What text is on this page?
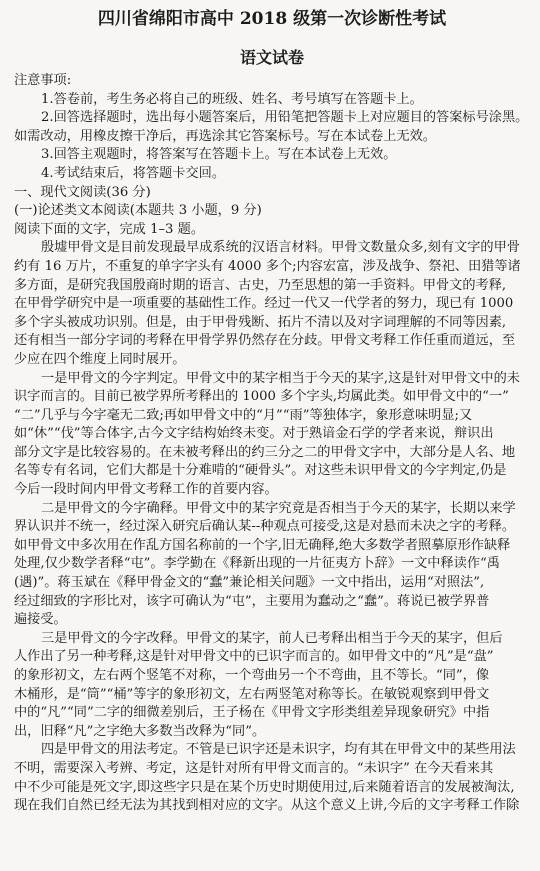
四川省绵阳市高中 2018 级第一次诊断性考试
语文试卷
注意事项:
1.答卷前，考生务必将自己的班级、姓名、考号填写在答题卡上。
2.回答选择题时，选出每小题答案后，用铅笔把答题卡上对应题目的答案标号涂黑。
如需改动，用橡皮擦干净后，再选涂其它答案标号。写在本试卷上无效。
3.回答主观题时，将答案写在答题卡上。写在本试卷上无效。
4.考试结束后，将答题卡交回。
一、现代文阅读(36 分)
(一)论述类文本阅读(本题共 3 小题，9 分)
阅读下面的文字，完成 1–3 题。
殷墟甲骨文是目前发现最早成系统的汉语言材料。甲骨文数量众多,刻有文字的甲骨
约有 16 万片，不重复的单字字头有 4000 多个;内容宏富，涉及战争、祭祀、田猎等诸
多方面，是研究我国殷商时期的语言、古史，乃至思想的第一手资料。甲骨文的考释,
在甲骨学研究中是一项重要的基础性工作。经过一代又一代学者的努力，现已有 1000
多个字头被成功识别。但是，由于甲骨残断、拓片不清以及对字词理解的不同等因素,
还有相当一部分字词的考释在甲骨学界仍然存在分歧。甲骨文考释工作任重而道远，至
少应在四个维度上同时展开。
一是甲骨文的今字判定。甲骨文中的某字相当于今天的某字,这是针对甲骨文中的未
识字而言的。目前已被学界所考释出的 1000 多个字头,均属此类。如甲骨文中的“一”
“二”几乎与今字毫无二致;再如甲骨文中的“月”“雨”等独体字，象形意味明显;又
如“休”“伐”等合体字,古今文字结构始终未变。对于熟谙金石学的学者来说，辩识出
部分文字是比较容易的。在未被考释出的约三分之二的甲骨文字中，大部分是人名、地
名等专有名词，它们大都是十分难啃的“硬骨头”。对这些未识甲骨文的今字判定,仍是
今后一段时间内甲骨文考释工作的首要内容。
二是甲骨文的今字确释。甲骨文中的某字究竟是否相当于今天的某字，长期以来学
界认识并不统一，经过深入研究后确认某--种观点可接受,这是对悬而未决之字的考释。
如甲骨文中多次用在作乱方国名称前的一个字,旧无确释,绝大多数学者照摹原形作缺释
处理,仅少数学者释“屯”。李学勤在《释新出现的一片征夷方卜辞》一文中释读作“禹
(遇)”。蒋玉斌在《释甲骨金文的“蠢”兼论相关问题》一文中指出，运用“对照法”,
经过细致的字形比对，该字可确认为“屯”，主要用为蠢动之“蠢”。蒋说已被学界普
遍接受。
三是甲骨文的今字改释。甲骨文的某字，前人已考释出相当于今天的某字，但后
人作出了另一种考释,这是针对甲骨文中的已识字而言的。如甲骨文中的“凡”是“盘”
的象形初文，左右两个竖笔不对称，一个弯曲另一个不弯曲，且不等长。“同”，像
木桶形，是“筒”“桶”等字的象形初文，左右两竖笔对称等长。在敏锐观察到甲骨文
中的“凡”“同”二字的细微差别后，王子杨在《甲骨文字形类组差异现象研究》中指
出，旧释“凡”之字绝大多数当改释为“同”。
四是甲骨文的用法考定。不管是已识字还是未识字，均有其在甲骨文中的某些用法
不明，需要深入考辨、考定，这是针对所有甲骨文而言的。“未识字” 在今天看来其
中不少可能是死文字,即这些字只是在某个历史时期使用过,后来随着语言的发展被淘汰,
现在我们自然已经无法为其找到相对应的文字。从这个意义上讲,今后的文字考释工作除
